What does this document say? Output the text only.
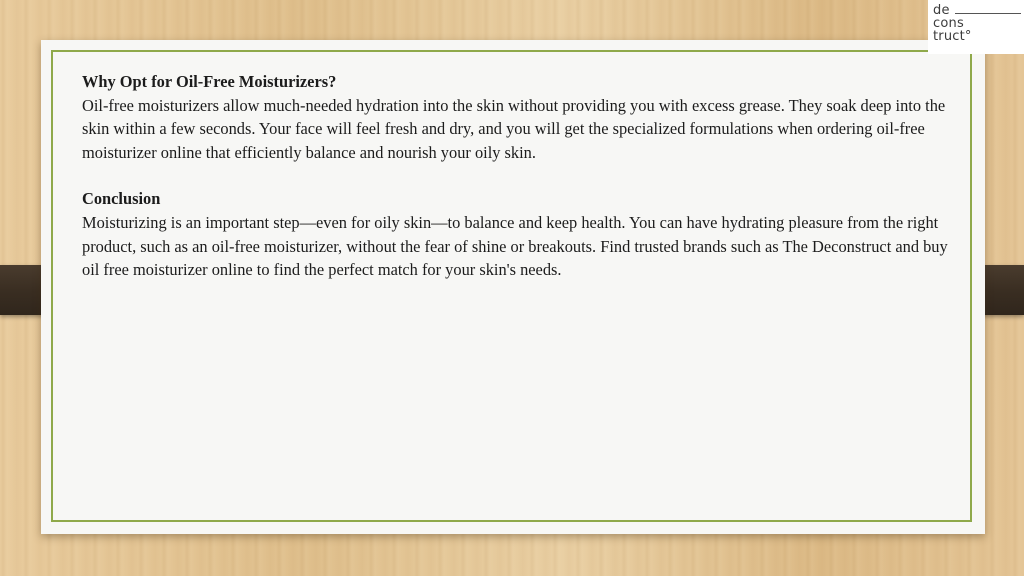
Why Opt for Oil-Free Moisturizers?
Oil-free moisturizers allow much-needed hydration into the skin without providing you with excess grease. They soak deep into the skin within a few seconds. Your face will feel fresh and dry, and you will get the specialized formulations when ordering oil-free moisturizer online that efficiently balance and nourish your oily skin.
Conclusion
Moisturizing is an important step—even for oily skin—to balance and keep health. You can have hydrating pleasure from the right product, such as an oil-free moisturizer, without the fear of shine or breakouts. Find trusted brands such as The Deconstruct and buy oil free moisturizer online to find the perfect match for your skin's needs.
de
cons
truct°
